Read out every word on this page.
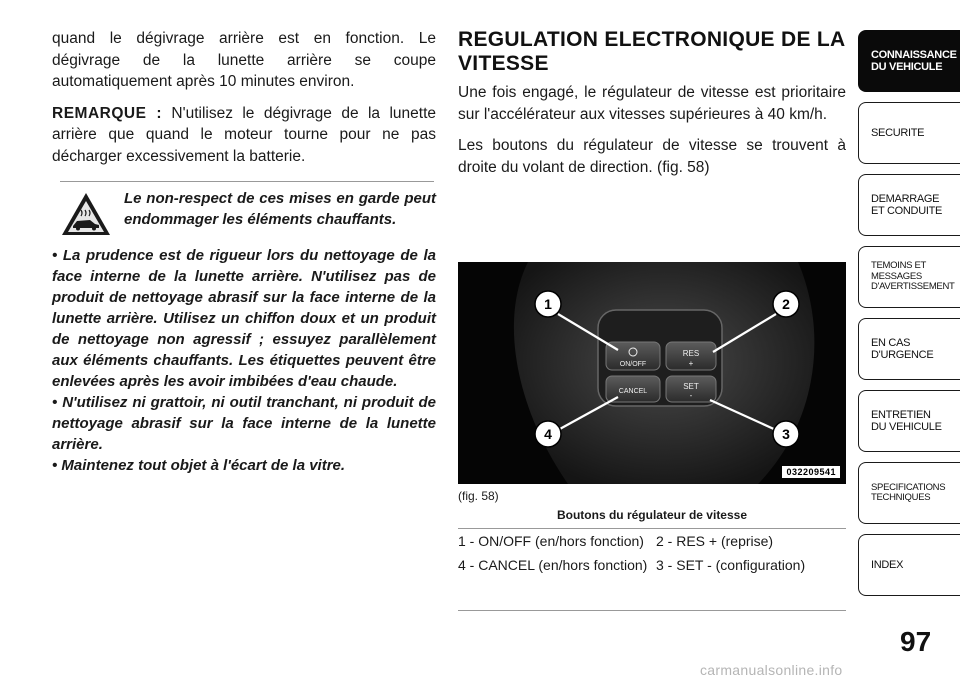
quand le dégivrage arrière est en fonction. Le dégivrage de la lunette arrière se coupe automatiquement après 10 minutes environ.

REMARQUE : N'utilisez le dégivrage de la lunette arrière que quand le moteur tourne pour ne pas décharger excessivement la batterie.

Le non-respect de ces mises en garde peut endommager les éléments chauffants.

• La prudence est de rigueur lors du nettoyage de la face interne de la lunette arrière. N'utilisez pas de produit de nettoyage abrasif sur la face interne de la lunette arrière. Utilisez un chiffon doux et un produit de nettoyage non agressif ; essuyez parallèlement aux éléments chauffants. Les étiquettes peuvent être enlevées après les avoir imbibées d'eau chaude.

• N'utilisez ni grattoir, ni outil tranchant, ni produit de nettoyage abrasif sur la face interne de la lunette arrière.

• Maintenez tout objet à l'écart de la vitre.

REGULATION ELECTRONIQUE DE LA VITESSE

Une fois engagé, le régulateur de vitesse est prioritaire sur l'accélérateur aux vitesses supérieures à 40 km/h.

Les boutons du régulateur de vitesse se trouvent à droite du volant de direction. (fig. 58)

ON/OFF
CANCEL
RES
+
SET
-
1	2
3
4
032209541
(fig. 58)
Boutons du régulateur de vitesse
1 - ON/OFF (en/hors fonction) 2 - RES + (reprise)
4 - CANCEL (en/hors fonction) 3 - SET - (configuration)
CONNAISSANCE
DU VEHICULE
SECURITE
DEMARRAGE
ET CONDUITE
TEMOINS ET
MESSAGES
D'AVERTISSEMENT
EN CAS
D'URGENCE
ENTRETIEN
DU VEHICULE
SPECIFICATIONS
TECHNIQUES
INDEX
97
carmanualsonline.info
